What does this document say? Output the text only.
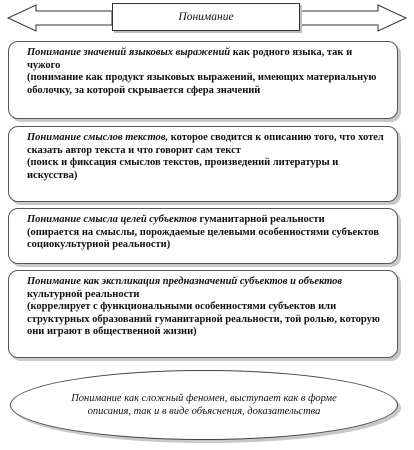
Понимание
Понимание значений языковых выражений как родного языка, так и чужого
(понимание как продукт языковых выражений, имеющих материальную оболочку, за которой скрывается сфера значений
Понимание смыслов текстов, которое сводится к описанию того, что хотел сказать автор текста и что говорит сам текст
(поиск и фиксация смыслов текстов, произведений литературы и искусства)
Понимание смысла целей субъектов гуманитарной реальности
(опирается на смыслы, порождаемые целевыми особенностями субъектов социокультурной реальности)
Понимание как экспликация предназначений субъектов и объектов культурной реальности
(коррелирует с функциональными особенностями субъектов или структурных образований гуманитарной реальности, той ролью, которую они играют в общественной жизни)
Понимание как сложный феномен, выступает как в форме описания, так и в виде объяснения, доказательства
